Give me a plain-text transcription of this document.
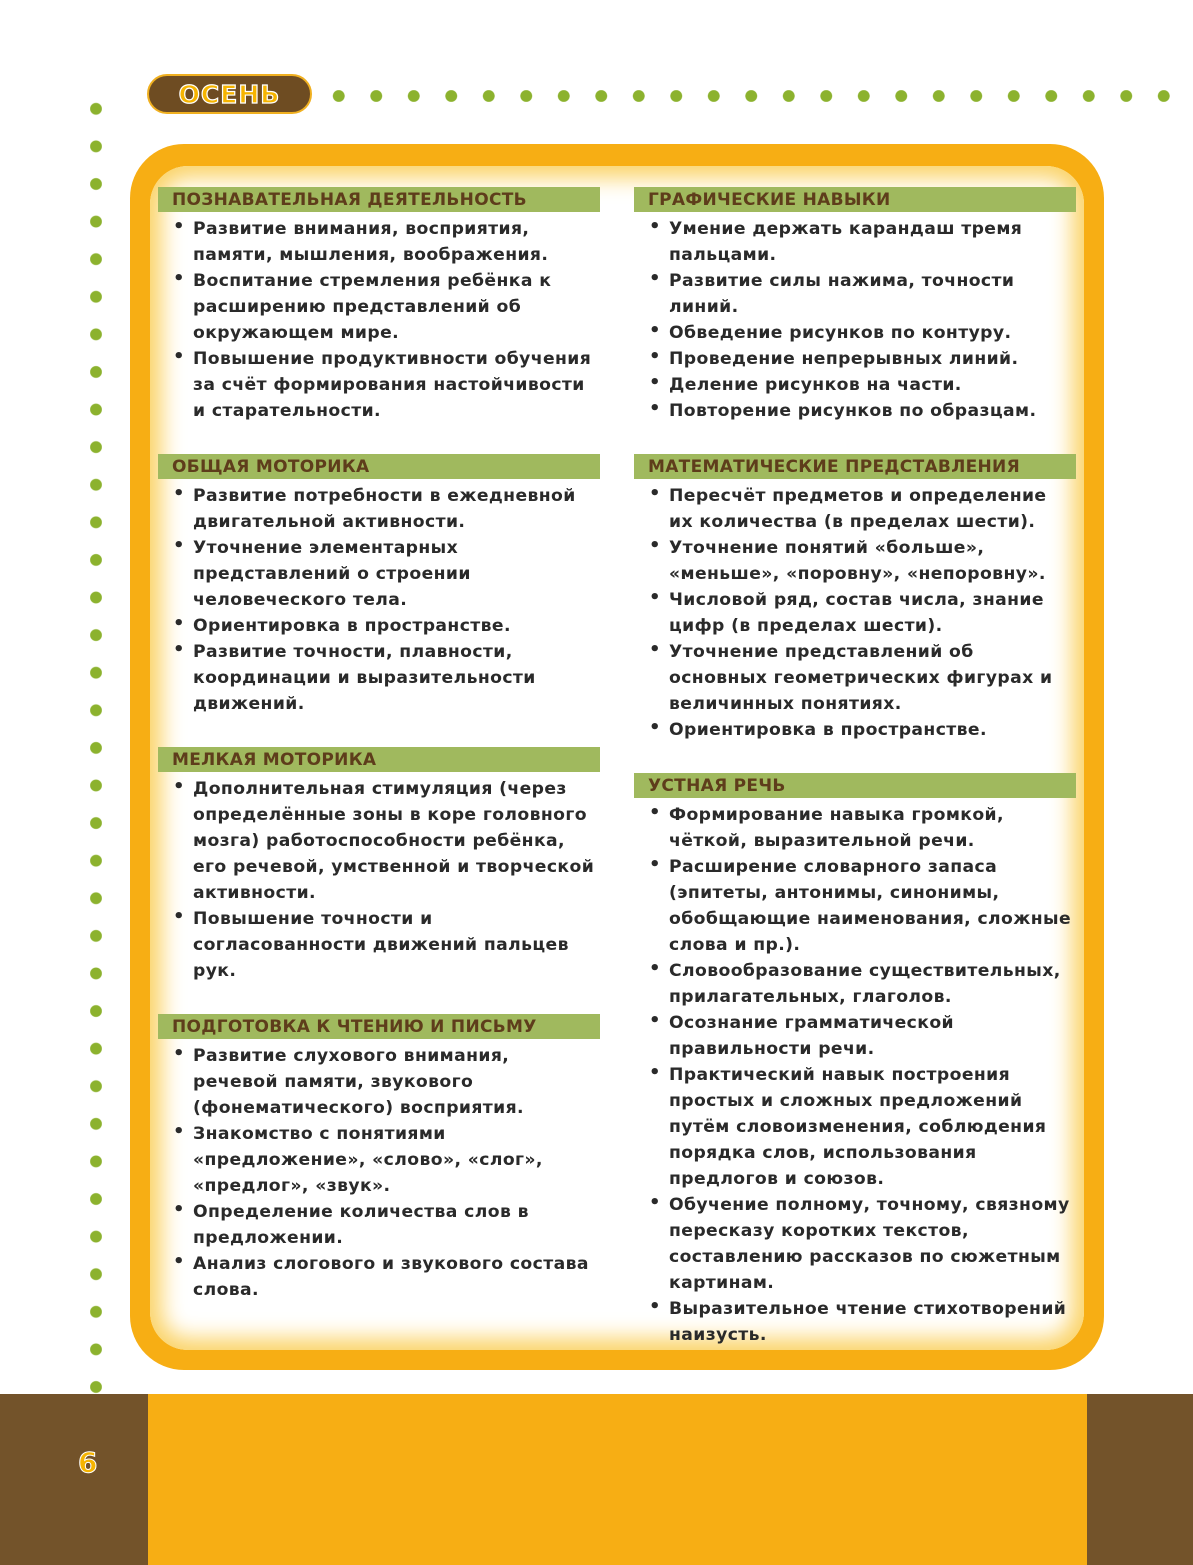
ОСЕНЬ
ПОЗНАВАТЕЛЬНАЯ ДЕЯТЕЛЬНОСТЬ
• Развитие внимания, восприятия, памяти, мышления, воображения.
• Воспитание стремления ребёнка к расширению представлений об окружающем мире.
• Повышение продуктивности обучения за счёт формирования настойчивости и старательности.
ОБЩАЯ МОТОРИКА
• Развитие потребности в ежедневной двигательной активности.
• Уточнение элементарных представлений о строении человеческого тела.
• Ориентировка в пространстве.
• Развитие точности, плавности, координации и выразительности движений.
МЕЛКАЯ МОТОРИКА
• Дополнительная стимуляция (через определённые зоны в коре головного мозга) работоспособности ребёнка, его речевой, умственной и творческой активности.
• Повышение точности и согласованности движений пальцев рук.
ПОДГОТОВКА К ЧТЕНИЮ И ПИСЬМУ
• Развитие слухового внимания, речевой памяти, звукового (фонематического) восприятия.
• Знакомство с понятиями «предложение», «слово», «слог», «предлог», «звук».
• Определение количества слов в предложении.
• Анализ слогового и звукового состава слова.
ГРАФИЧЕСКИЕ НАВЫКИ
• Умение держать карандаш тремя пальцами.
• Развитие силы нажима, точности линий.
• Обведение рисунков по контуру.
• Проведение непрерывных линий.
• Деление рисунков на части.
• Повторение рисунков по образцам.
МАТЕМАТИЧЕСКИЕ ПРЕДСТАВЛЕНИЯ
• Пересчёт предметов и определение их количества (в пределах шести).
• Уточнение понятий «больше», «меньше», «поровну», «непоровну».
• Числовой ряд, состав числа, знание цифр (в пределах шести).
• Уточнение представлений об основных геометрических фигурах и величинных понятиях.
• Ориентировка в пространстве.
УСТНАЯ РЕЧЬ
• Формирование навыка громкой, чёткой, выразительной речи.
• Расширение словарного запаса (эпитеты, антонимы, синонимы, обобщающие наименования, сложные слова и пр.).
• Словообразование существительных, прилагательных, глаголов.
• Осознание грамматической правильности речи.
• Практический навык построения простых и сложных предложений путём словоизменения, соблюдения порядка слов, использования предлогов и союзов.
• Обучение полному, точному, связному пересказу коротких текстов, составлению рассказов по сюжетным картинам.
• Выразительное чтение стихотворений наизусть.
6
